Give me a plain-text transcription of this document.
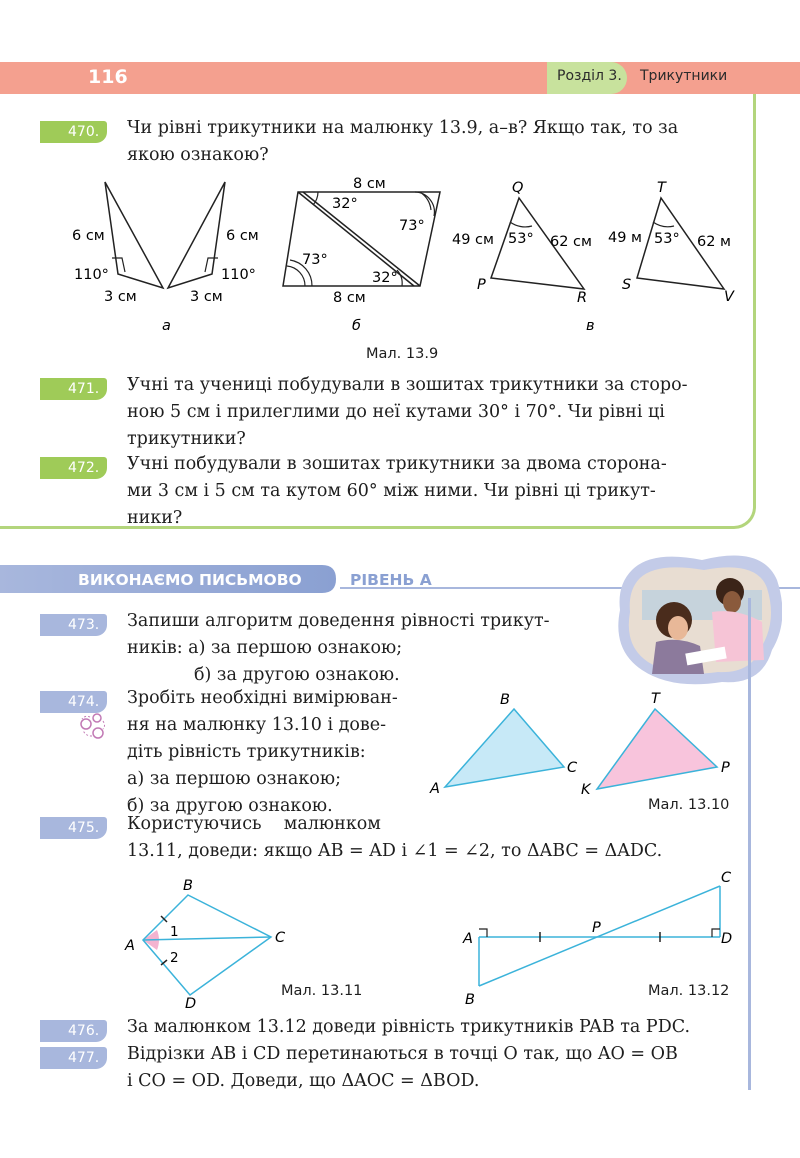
116	Розділ 3. Трикутники
470.	Чи рівні трикутники на малюнку 13.9, а–в? Якщо так, то за
якою ознакою?
6 см	6 см
110°	110°
3 см	3 см
а
8 см
32°
73°
73°
32°
8 см
б
Q
P
R
49 см 53° 62 см
T
S
V
49 м 53° 62 м
в
Мал. 13.9
471.	Учні та учениці побудували в зошитах трикутники за сторо-
ною 5 см і прилеглими до неї кутами 30° і 70°. Чи рівні ці
трикутники?
472.	Учні побудували в зошитах трикутники за двома сторона-
ми 3 см і 5 см та кутом 60° між ними. Чи рівні ці трикут-
ники?
ВИКОНАЄМО ПИСЬМОВО	РІВЕНЬ А
473.	Запиши алгоритм доведення рівності трикут-
ників: а) за першою ознакою;
б) за другою ознакою.
474.	Зробіть необхідні вимірюван-
ня на малюнку 13.10 і дове-
діть рівність трикутників:
а) за першою ознакою;
б) за другою ознакою.
B
C
A
T
P
K
Мал. 13.10
475.	Користуючись    малюнком
13.11, доведи: якщо AB = AD і ∠1 = ∠2, то ΔABC = ΔADC.
B
A	C
D
1
2
Мал. 13.11
A
B
C
D
P
Мал. 13.12
476.	За малюнком 13.12 доведи рівність трикутників PAB та PDC.
477.	Відрізки AB і CD перетинаються в точці O так, що AO = OB
і CO = OD. Доведи, що ΔAOC = ΔBOD.
